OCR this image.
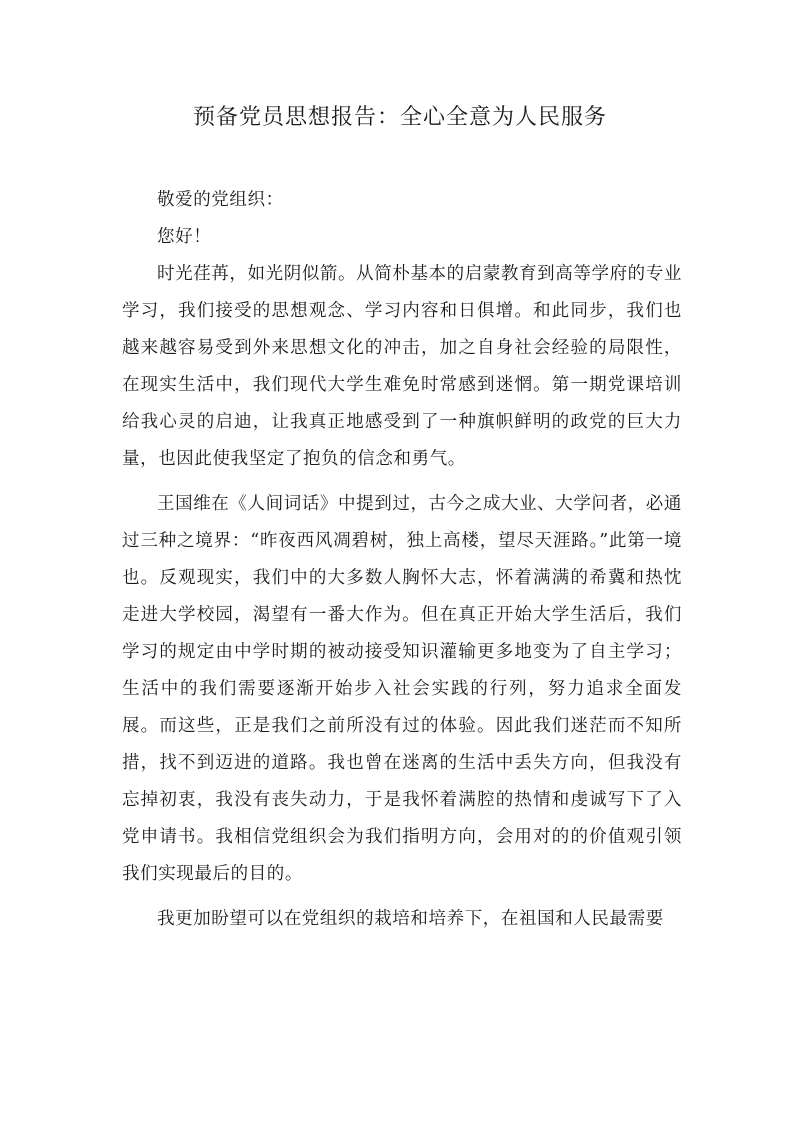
预备党员思想报告：全心全意为人民服务

敬爱的党组织：

您好！

时光荏苒，如光阴似箭。从简朴基本的启蒙教育到高等学府的专业学习，我们接受的思想观念、学习内容和日俱增。和此同步，我们也越来越容易受到外来思想文化的冲击，加之自身社会经验的局限性，在现实生活中，我们现代大学生难免时常感到迷惘。第一期党课培训给我心灵的启迪，让我真正地感受到了一种旗帜鲜明的政党的巨大力量，也因此使我坚定了抱负的信念和勇气。

王国维在《人间词话》中提到过，古今之成大业、大学问者，必通过三种之境界：“昨夜西风凋碧树，独上高楼，望尽天涯路。”此第一境也。反观现实，我们中的大多数人胸怀大志，怀着满满的希冀和热忱走进大学校园，渴望有一番大作为。但在真正开始大学生活后，我们学习的规定由中学时期的被动接受知识灌输更多地变为了自主学习；生活中的我们需要逐渐开始步入社会实践的行列，努力追求全面发展。而这些，正是我们之前所没有过的体验。因此我们迷茫而不知所措，找不到迈进的道路。我也曾在迷离的生活中丢失方向，但我没有忘掉初衷，我没有丧失动力，于是我怀着满腔的热情和虔诚写下了入党申请书。我相信党组织会为我们指明方向，会用对的的价值观引领我们实现最后的目的。

我更加盼望可以在党组织的栽培和培养下，在祖国和人民最需要
